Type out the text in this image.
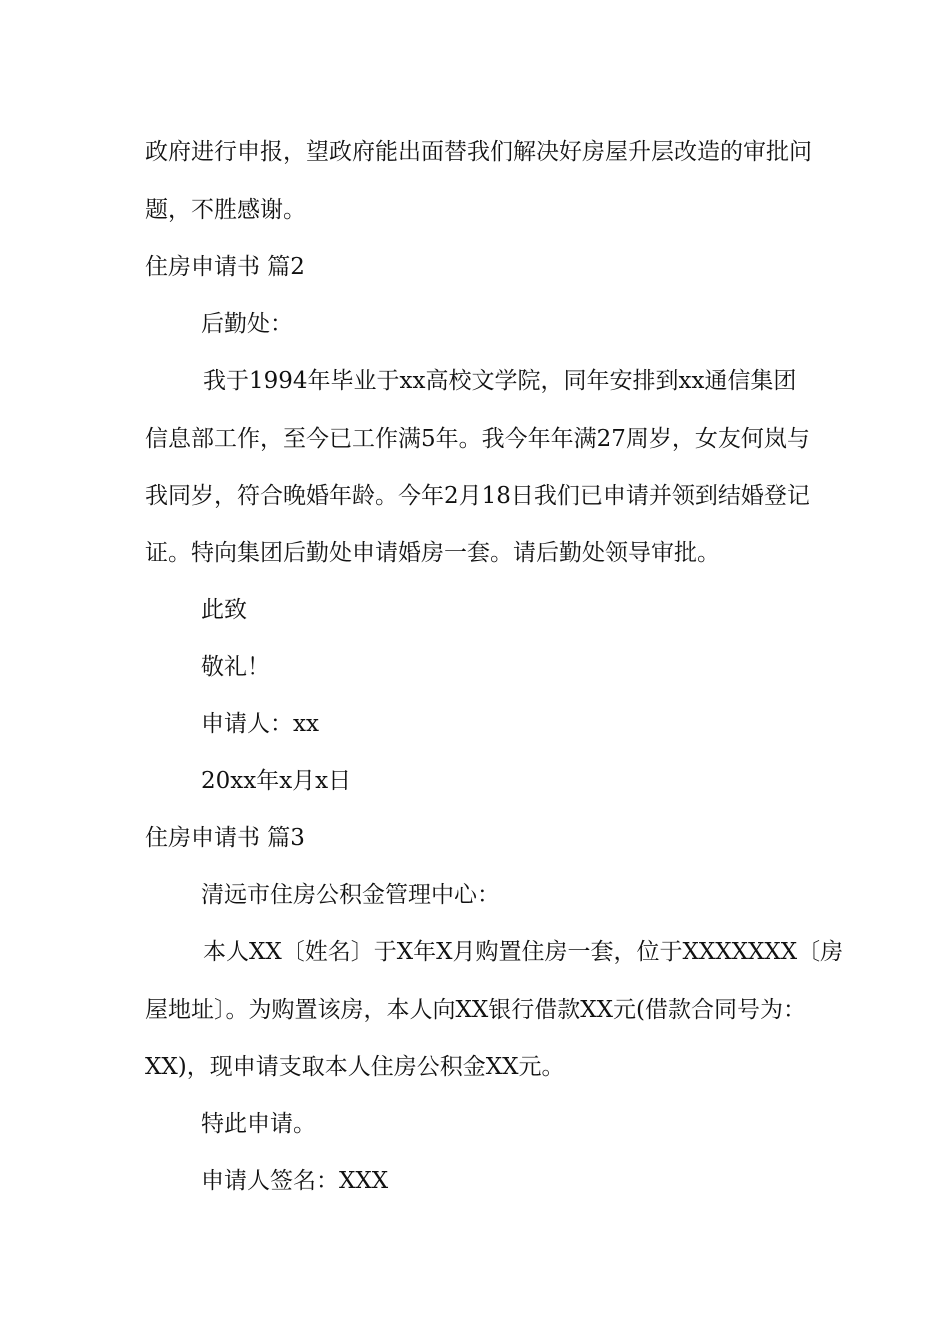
政府进行申报，望政府能出面替我们解决好房屋升层改造的审批问
题，不胜感谢。
住房申请书 篇2
后勤处：
我于1994年毕业于xx高校文学院，同年安排到xx通信集团
信息部工作，至今已工作满5年。我今年年满27周岁，女友何岚与
我同岁，符合晚婚年龄。今年2月18日我们已申请并领到结婚登记
证。特向集团后勤处申请婚房一套。请后勤处领导审批。
此致
敬礼！
申请人：xx
20xx年x月x日
住房申请书 篇3
清远市住房公积金管理中心：
本人XX〔姓名〕于X年X月购置住房一套，位于XXXXXXX〔房
屋地址〕。为购置该房，本人向XX银行借款XX元(借款合同号为：
XX)，现申请支取本人住房公积金XX元。
特此申请。
申请人签名：XXX
